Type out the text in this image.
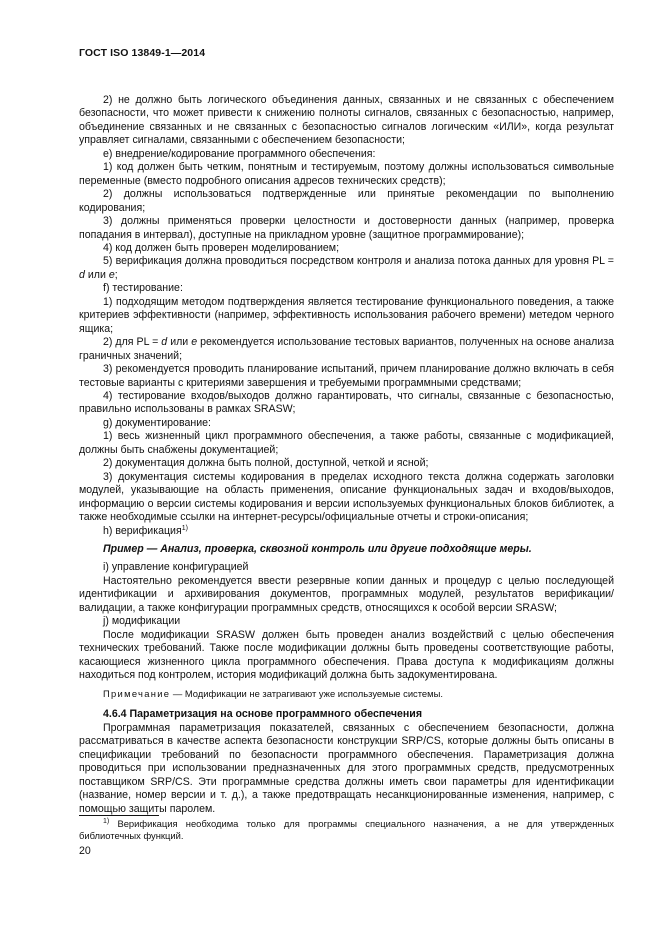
ГОСТ ISO 13849-1—2014

2) не должно быть логического объединения данных, связанных и не связанных с обеспечением безопасности, что может привести к снижению полноты сигналов, связанных с безопасностью, например, объединение связанных и не связанных с безопасностью сигналов логическим «ИЛИ», когда результат управляет сигналами, связанными с обеспечением безопасности;

е) внедрение/кодирование программного обеспечения:

1) код должен быть четким, понятным и тестируемым, поэтому должны использоваться символьные переменные (вместо подробного описания адресов технических средств);

2) должны использоваться подтвержденные или принятые рекомендации по выполнению кодирования;

3) должны применяться проверки целостности и достоверности данных (например, проверка попадания в интервал), доступные на прикладном уровне (защитное программирование);

4) код должен быть проверен моделированием;

5) верификация должна проводиться посредством контроля и анализа потока данных для уровня PL = d или e;

f) тестирование:

1) подходящим методом подтверждения является тестирование функционального поведения, а также критериев эффективности (например, эффективность использования рабочего времени) метедом черного ящика;

2) для PL = d или e рекомендуется использование тестовых вариантов, полученных на основе анализа граничных значений;

3) рекомендуется проводить планирование испытаний, причем планирование должно включать в себя тестовые варианты с критериями завершения и требуемыми программными средствами;

4) тестирование входов/выходов должно гарантировать, что сигналы, связанные с безопасностью, правильно использованы в рамках SRASW;

g) документирование:

1) весь жизненный цикл программного обеспечения, а также работы, связанные с модификацией, должны быть снабжены документацией;

2) документация должна быть полной, доступной, четкой и ясной;

3) документация системы кодирования в пределах исходного текста должна содержать заголовки модулей, указывающие на область применения, описание функциональных задач и входов/выходов, информацию о версии системы кодирования и версии используемых функциональных блоков библиотек, а также необходимые ссылки на интернет-ресурсы/официальные отчеты и строки-описания;

h) верификация$^{1)}$

Пример — Анализ, проверка, сквозной контроль или другие подходящие меры.

i) управление конфигурацией

Настоятельно рекомендуется ввести резервные копии данных и процедур с целью последующей идентификации и архивирования документов, программных модулей, результатов верификации/валидации, а также конфигурации программных средств, относящихся к особой версии SRASW;

j) модификации

После модификации SRASW должен быть проведен анализ воздействий с целью обеспечения технических требований. Также после модификации должны быть проведены соответствующие работы, касающиеся жизненного цикла программного обеспечения. Права доступа к модификациям должны находиться под контролем, история модификаций должна быть задокументирована.

Примечание — Модификации не затрагивают уже используемые системы.

4.6.4 Параметризация на основе программного обеспечения

Программная параметризация показателей, связанных с обеспечением безопасности, должна рассматриваться в качестве аспекта безопасности конструкции SRP/CS, которые должны быть описаны в спецификации требований по безопасности программного обеспечения. Параметризация должна проводиться при использовании предназначенных для этого программных средств, предусмотренных поставщиком SRP/CS. Эти программные средства должны иметь свои параметры для идентификации (название, номер версии и т. д.), а также предотвращать несанкционированные изменения, например, с помощью защиты паролем.

$^{1)}$ Верификация необходима только для программы специального назначения, а не для утвержденных библиотечных функций.
20
